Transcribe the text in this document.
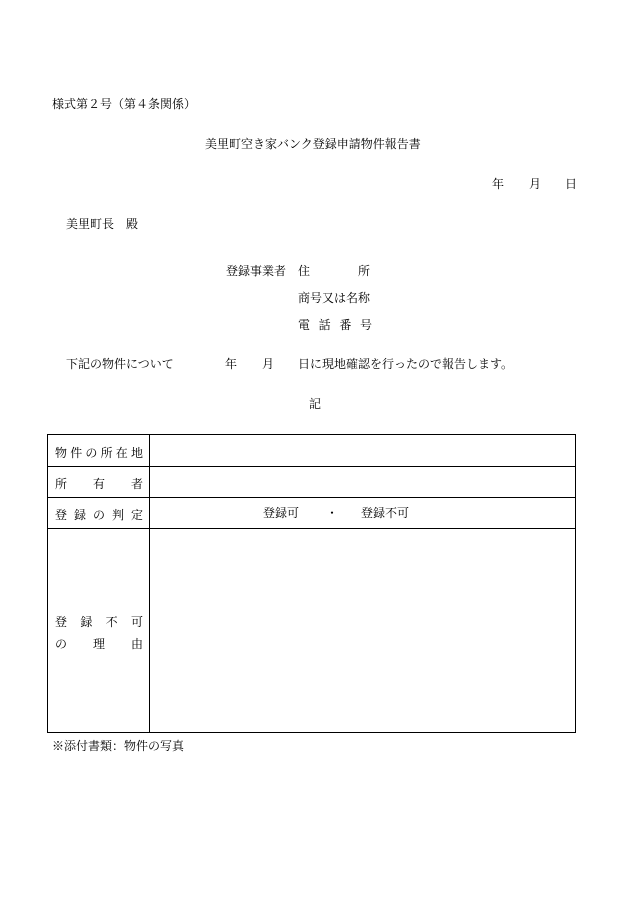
様式第２号（第４条関係）
美里町空き家バンク登録申請物件報告書
年 月 日
美里町長　殿
登録事業者 住	所
商号又は名称
電 話 番 号
下記の物件について	年 月 日に現地確認を行ったので報告します。
記
物 件 の 所 在 地
所 有 者
登 録 の 判 定	登録可 ・ 登録不可
登 録 不 可
の 理 由
※添付書類：物件の写真
